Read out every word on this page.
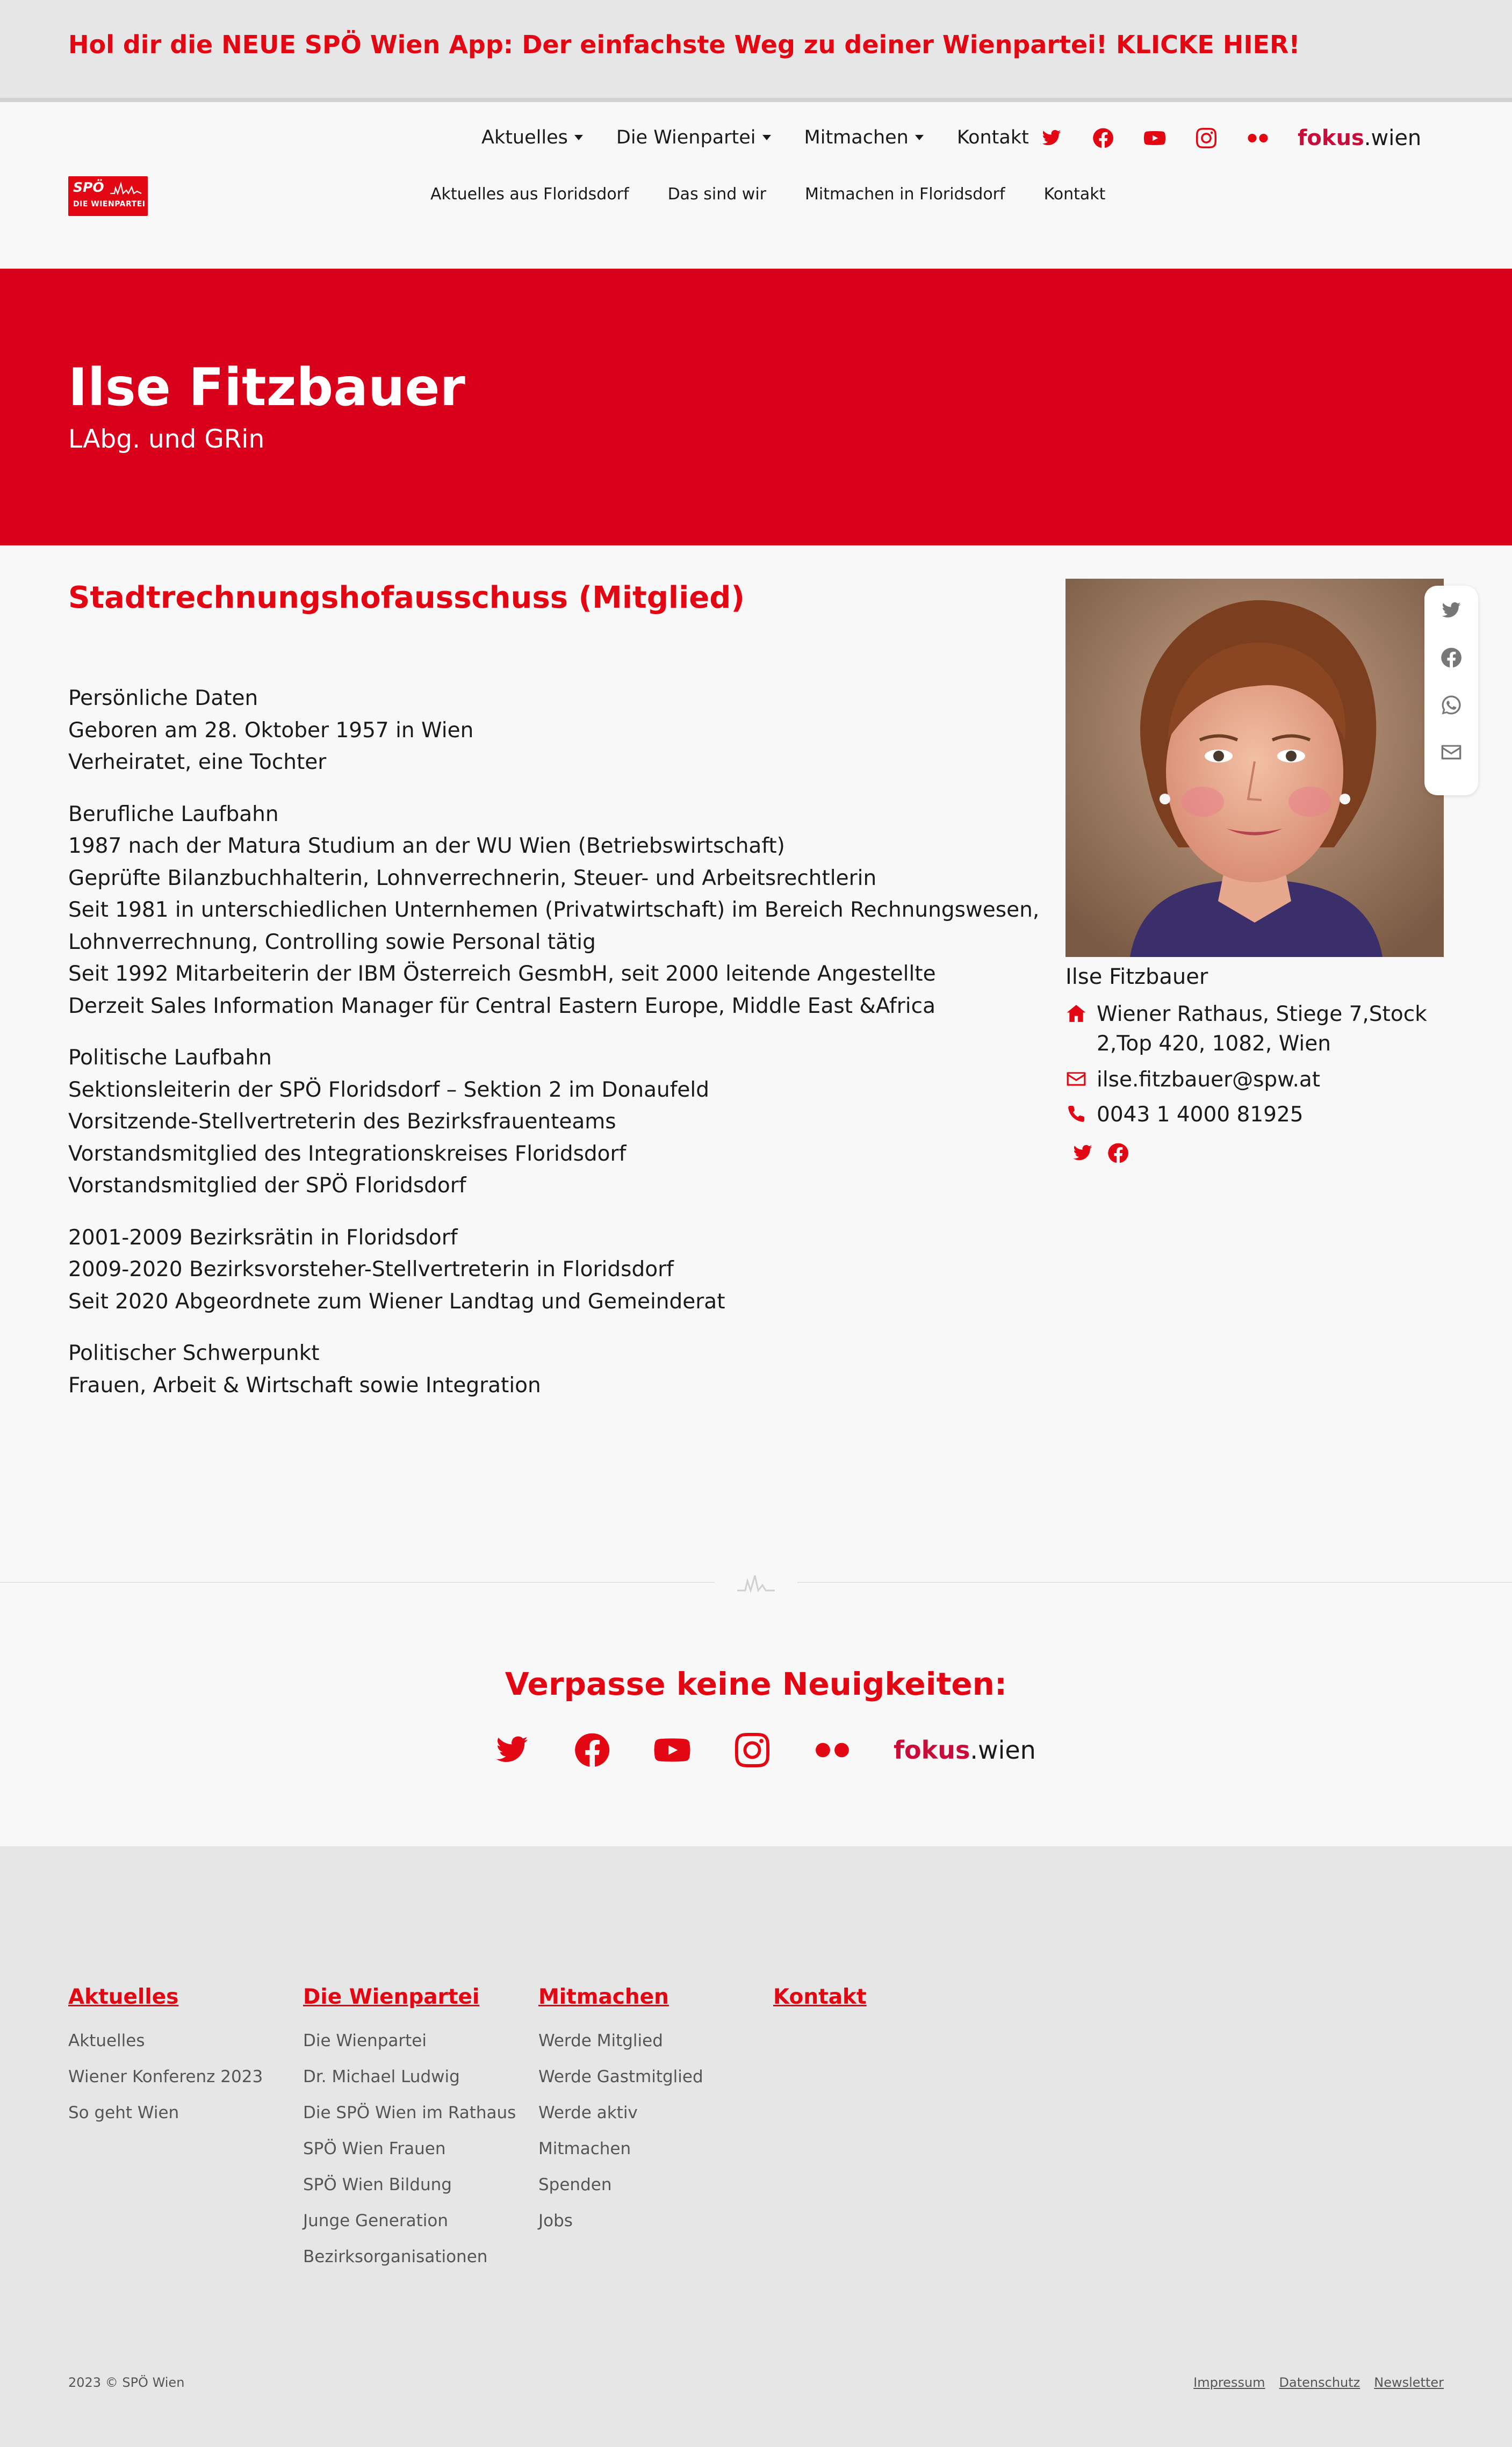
Hol dir die NEUE SPÖ Wien App: Der einfachste Weg zu deiner Wienpartei! KLICKE HIER!
SPÖ
DIE WIENPARTEI
Aktuelles	Die Wienpartei	Mitmachen	Kontakt	fokus.wien
Aktuelles aus Floridsdorf Das sind wir Mitmachen in Floridsdorf Kontakt
Ilse Fitzbauer
LAbg. und GRin
Stadtrechnungshofausschuss (Mitglied)
Persönliche Daten
Geboren am 28. Oktober 1957 in Wien
Verheiratet, eine Tochter
Berufliche Laufbahn
1987 nach der Matura Studium an der WU Wien (Betriebswirtschaft)
Geprüfte Bilanzbuchhalterin, Lohnverrechnerin, Steuer- und Arbeitsrechtlerin
Seit 1981 in unterschiedlichen Unternhemen (Privatwirtschaft) im Bereich Rechnungswesen,
Lohnverrechnung, Controlling sowie Personal tätig
Seit 1992 Mitarbeiterin der IBM Österreich GesmbH, seit 2000 leitende Angestellte
Derzeit Sales Information Manager für Central Eastern Europe, Middle East &Africa
Politische Laufbahn
Sektionsleiterin der SPÖ Floridsdorf – Sektion 2 im Donaufeld
Vorsitzende-Stellvertreterin des Bezirksfrauenteams
Vorstandsmitglied des Integrationskreises Floridsdorf
Vorstandsmitglied der SPÖ Floridsdorf
2001-2009 Bezirksrätin in Floridsdorf
2009-2020 Bezirksvorsteher-Stellvertreterin in Floridsdorf
Seit 2020 Abgeordnete zum Wiener Landtag und Gemeinderat
Politischer Schwerpunkt
Frauen, Arbeit & Wirtschaft sowie Integration
Ilse Fitzbauer
Wiener Rathaus, Stiege 7,Stock
2,Top 420, 1082, Wien
ilse.fitzbauer@spw.at
0043 1 4000 81925
Verpasse keine Neuigkeiten:
fokus.wien
Aktuelles
Aktuelles
Wiener Konferenz 2023
So geht Wien
Die Wienpartei
Die Wienpartei
Dr. Michael Ludwig
Die SPÖ Wien im Rathaus
SPÖ Wien Frauen
SPÖ Wien Bildung
Junge Generation
Bezirksorganisationen
Mitmachen
Werde Mitglied
Werde Gastmitglied
Werde aktiv
Mitmachen
Spenden
Jobs
Kontakt
2023 © SPÖ Wien	Impressum Datenschutz Newsletter
